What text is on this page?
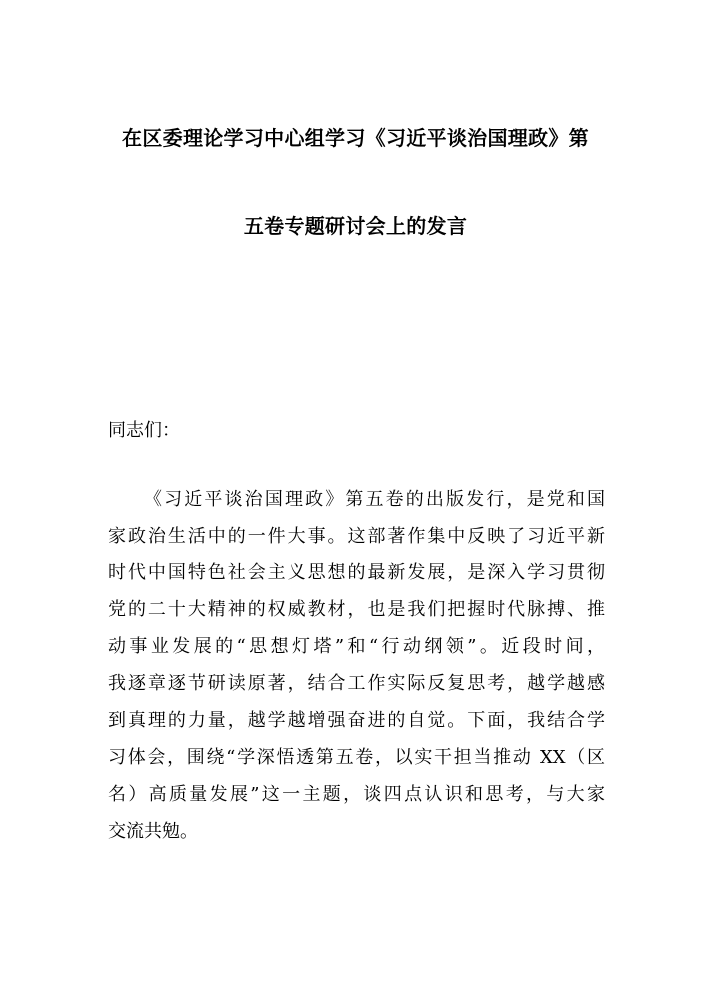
在区委理论学习中心组学习《习近平谈治国理政》第
五卷专题研讨会上的发言
同志们：
《习近平谈治国理政》第五卷的出版发行，是党和国
家政治生活中的一件大事。这部著作集中反映了习近平新
时代中国特色社会主义思想的最新发展，是深入学习贯彻
党的二十大精神的权威教材，也是我们把握时代脉搏、推
动事业发展的“思想灯塔”和“行动纲领”。近段时间，
我逐章逐节研读原著，结合工作实际反复思考，越学越感
到真理的力量，越学越增强奋进的自觉。下面，我结合学
习体会，围绕“学深悟透第五卷，以实干担当推动 XX（区
名）高质量发展”这一主题，谈四点认识和思考，与大家
交流共勉。
